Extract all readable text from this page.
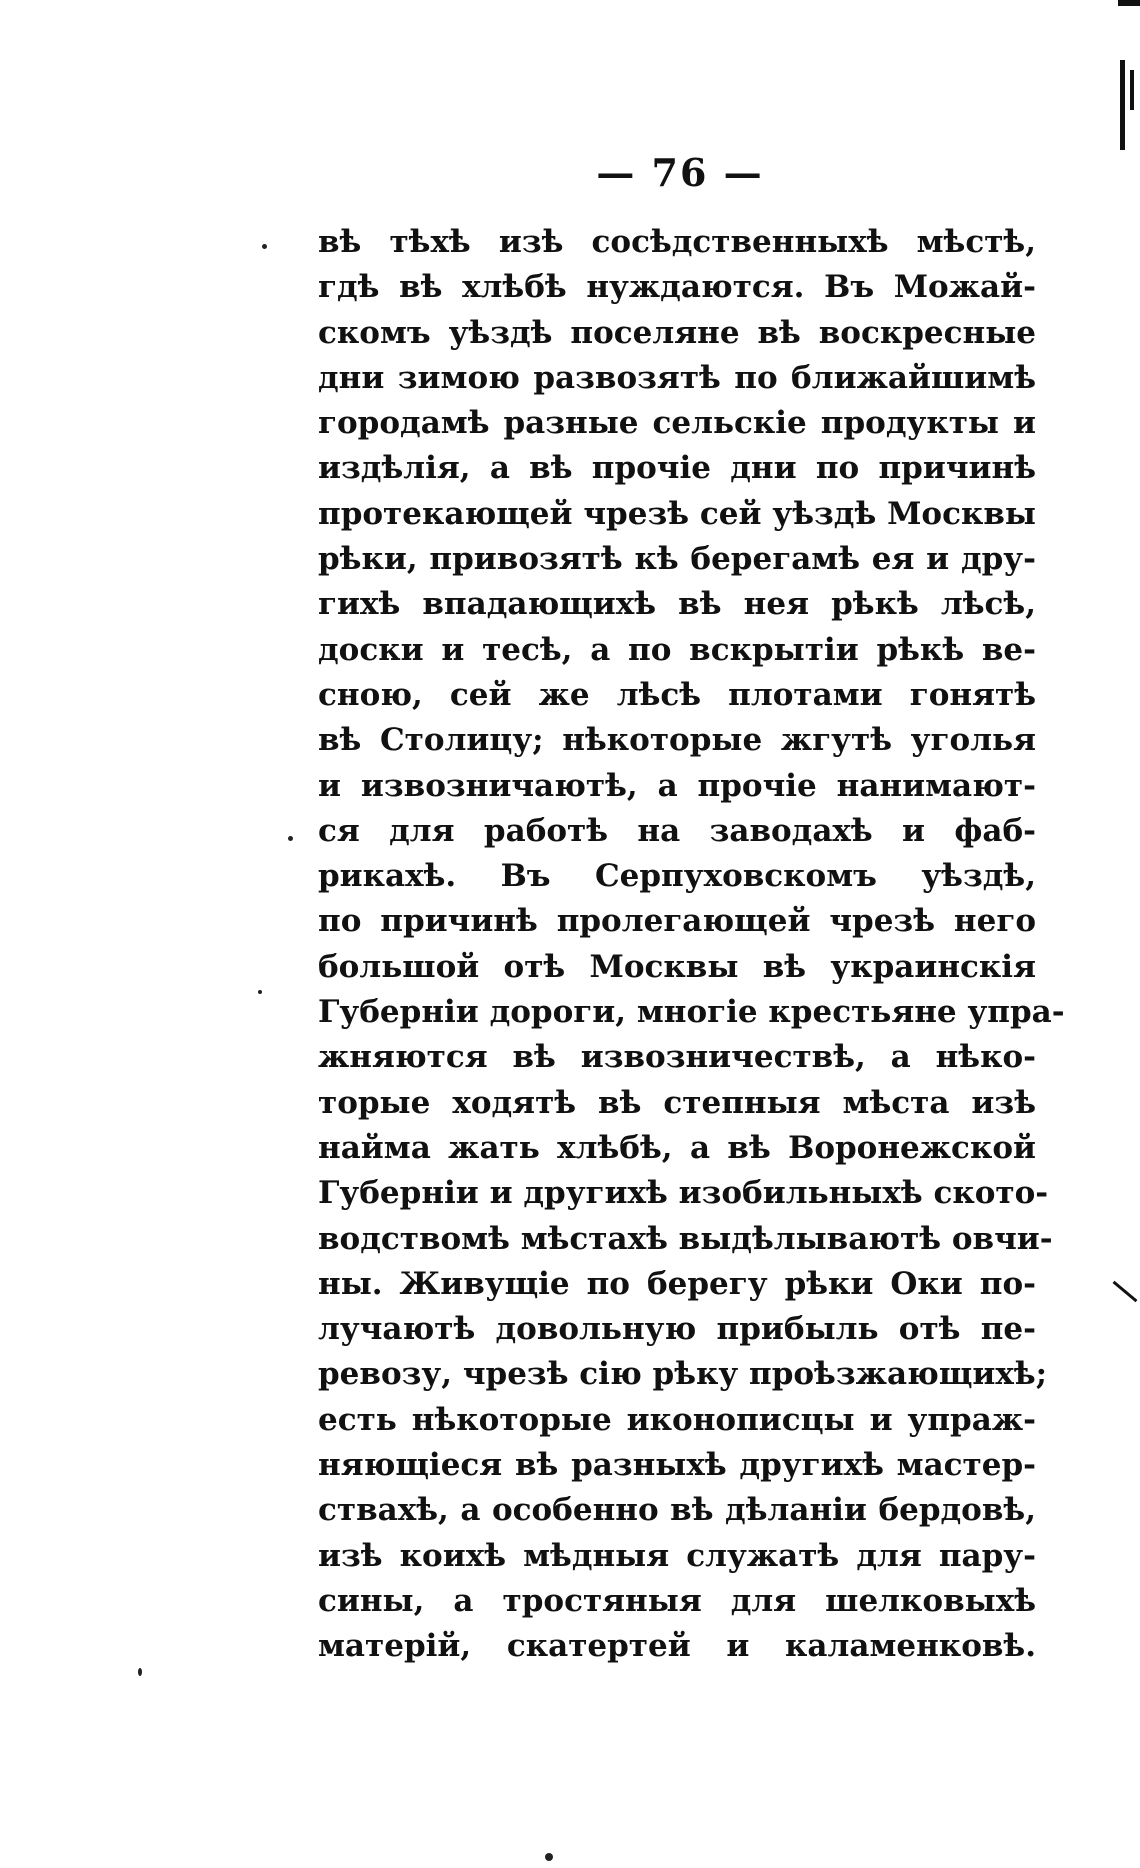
— 76 —
вѣ тѣхѣ изѣ сосѣдственныхѣ мѣстѣ,
гдѣ вѣ хлѣбѣ нуждаются. Въ Можай-
скомъ уѣздѣ поселяне вѣ воскресные
дни зимою развозятѣ по ближайшимѣ
городамѣ разные сельскіе продукты и
издѣлія, а вѣ прочіе дни по причинѣ
протекающей чрезѣ сей уѣздѣ Москвы
рѣки, привозятѣ кѣ берегамѣ ея и дру-
гихѣ впадающихѣ вѣ нея рѣкѣ лѣсѣ,
доски и тесѣ, а по вскрытіи рѣкѣ ве-
сною, сей же лѣсѣ плотами гонятѣ
вѣ Столицу; нѣкоторые жгутѣ уголья
и извозничаютѣ, а прочіе нанимают-
ся для работѣ на заводахѣ и фаб-
рикахѣ. Въ Серпуховскомъ уѣздѣ,
по причинѣ пролегающей чрезѣ него
большой отѣ Москвы вѣ украинскія
Губерніи дороги, многіе крестьяне упра-
жняются вѣ извозничествѣ, а нѣко-
торые ходятѣ вѣ степныя мѣста изѣ
найма жать хлѣбѣ, а вѣ Воронежской
Губерніи и другихѣ изобильныхѣ ското-
водствомѣ мѣстахѣ выдѣлываютѣ овчи-
ны. Живущіе по берегу рѣки Оки по-
лучаютѣ довольную прибыль отѣ пе-
ревозу, чрезѣ сію рѣку проѣзжающихѣ;
есть нѣкоторые иконописцы и упраж-
няющіеся вѣ разныхѣ другихѣ мастер-
ствахѣ, а особенно вѣ дѣланіи бердовѣ,
изѣ коихѣ мѣдныя служатѣ для пару-
сины, а тростяныя для шелковыхѣ
матерій, скатертей и каламенковѣ.
